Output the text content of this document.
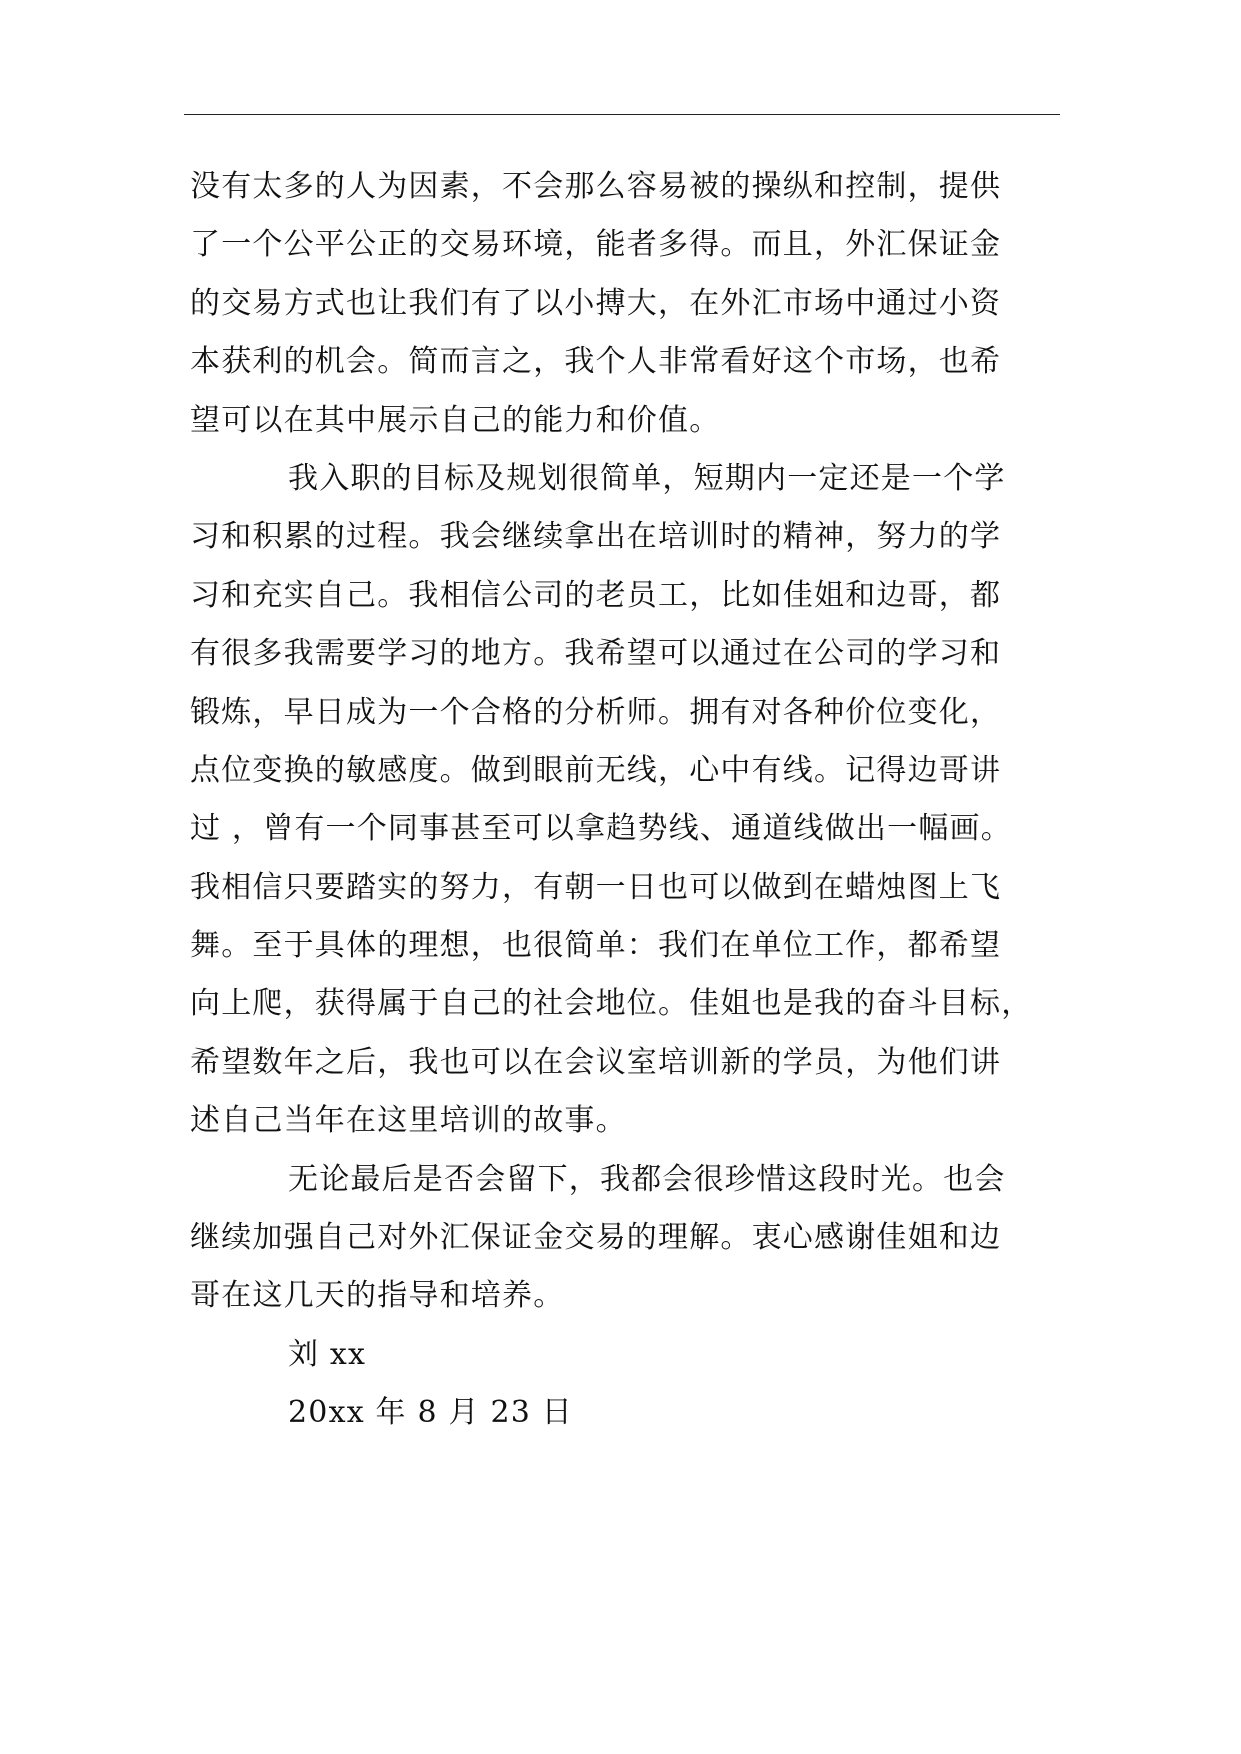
没有太多的人为因素，不会那么容易被的操纵和控制，提供
了一个公平公正的交易环境，能者多得。而且，外汇保证金
的交易方式也让我们有了以小搏大，在外汇市场中通过小资
本获利的机会。简而言之，我个人非常看好这个市场，也希
望可以在其中展示自己的能力和价值。
我入职的目标及规划很简单，短期内一定还是一个学
习和积累的过程。我会继续拿出在培训时的精神，努力的学
习和充实自己。我相信公司的老员工，比如佳姐和边哥，都
有很多我需要学习的地方。我希望可以通过在公司的学习和
锻炼，早日成为一个合格的分析师。拥有对各种价位变化，
点位变换的敏感度。做到眼前无线，心中有线。记得边哥讲
过 ，曾有一个同事甚至可以拿趋势线、通道线做出一幅画。
我相信只要踏实的努力，有朝一日也可以做到在蜡烛图上飞
舞。至于具体的理想，也很简单：我们在单位工作，都希望
向上爬，获得属于自己的社会地位。佳姐也是我的奋斗目标，
希望数年之后，我也可以在会议室培训新的学员，为他们讲
述自己当年在这里培训的故事。
无论最后是否会留下，我都会很珍惜这段时光。也会
继续加强自己对外汇保证金交易的理解。衷心感谢佳姐和边
哥在这几天的指导和培养。
刘 xx
20xx 年 8 月 23 日
